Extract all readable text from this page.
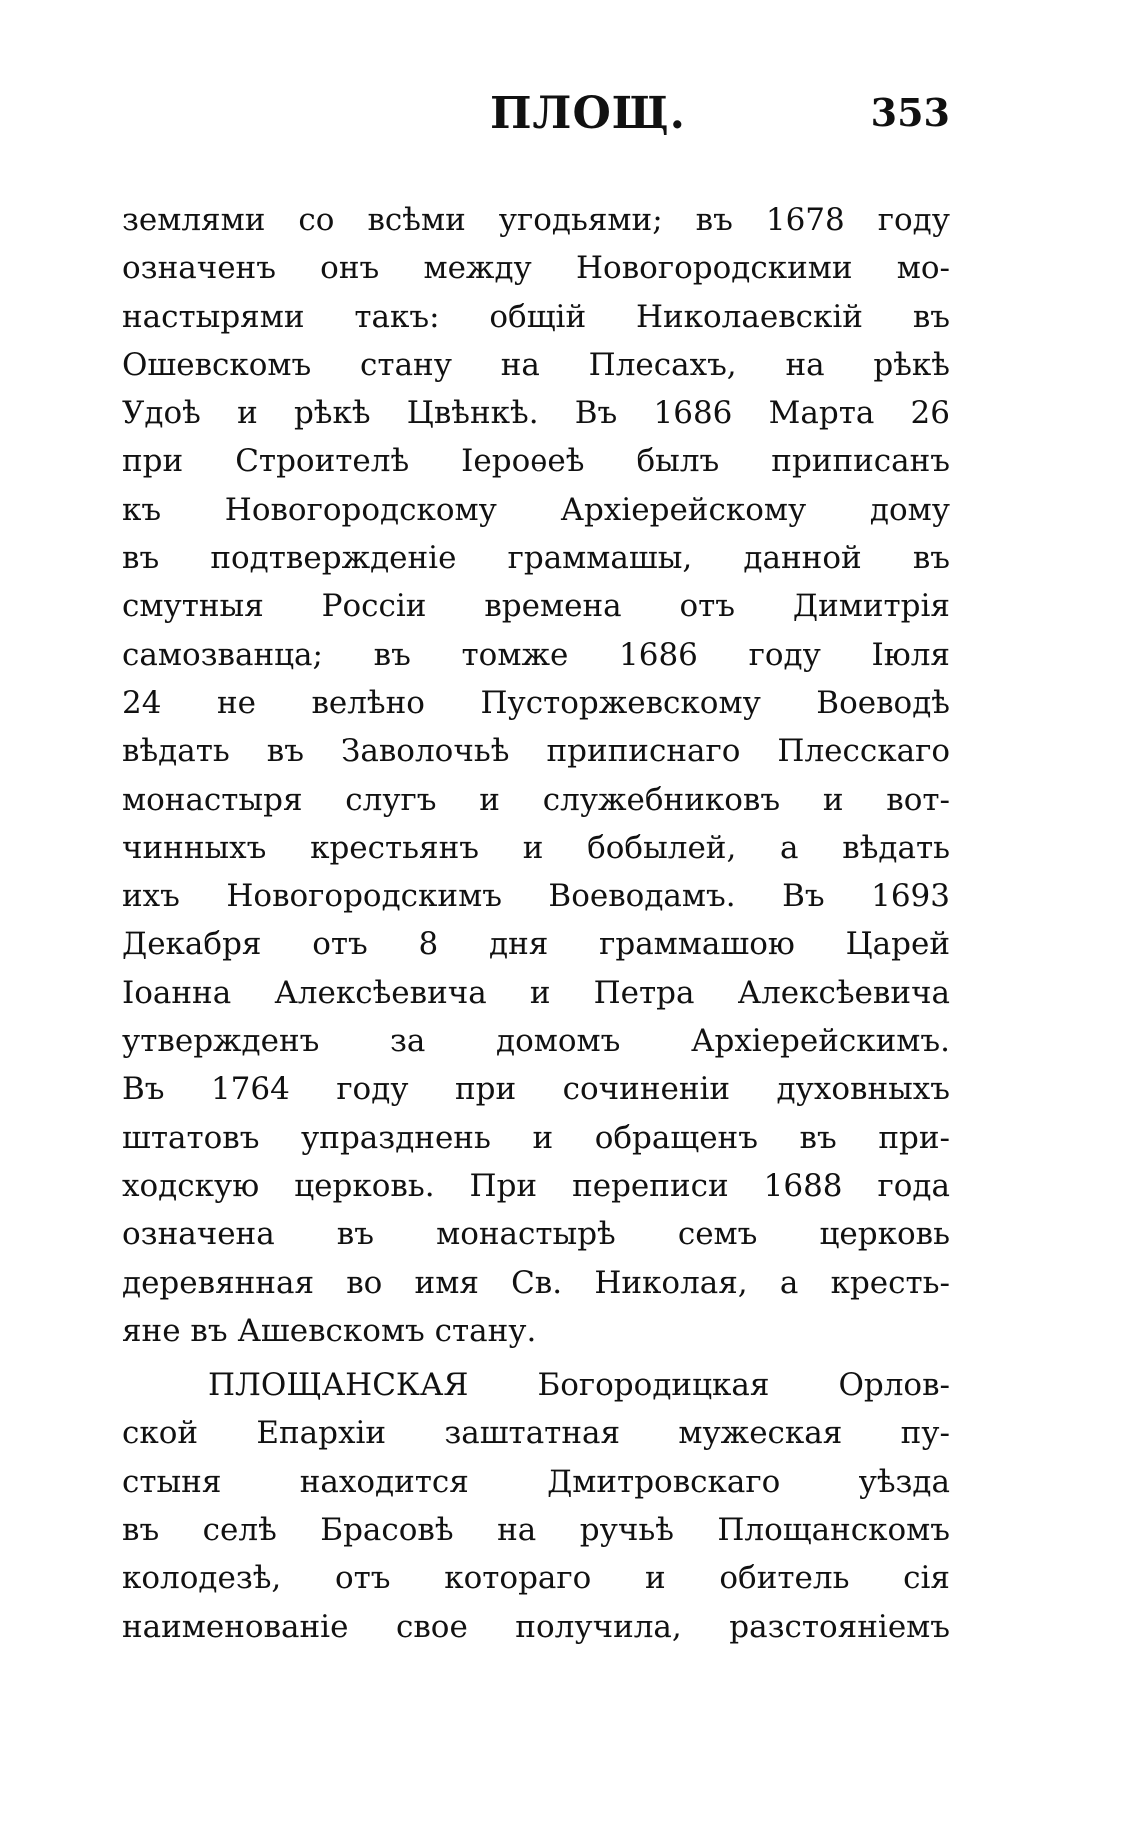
ПЛОЩ.	353
землями со всѣми угодьями; въ 1678 году
означенъ онъ между Новогородскими мо-
настырями такъ: общій Николаевскій въ
Ошевскомъ стану на Плесахъ, на рѣкѣ
Удоѣ и рѣкѣ Цвѣнкѣ. Въ 1686 Марта 26
при Строителѣ Іероѳеѣ былъ приписанъ
къ Новогородскому Архіерейскому дому
въ подтвержденіе граммашы, данной въ
смутныя Россіи времена отъ Димитрія
самозванца; въ томже 1686 году Іюля
24 не велѣно Пусторжевскому Воеводѣ
вѣдать въ Заволочьѣ приписнаго Плесскаго
монастыря слугъ и служебниковъ и вот-
чинныхъ крестьянъ и бобылей, а вѣдать
ихъ Новогородскимъ Воеводамъ. Въ 1693
Декабря отъ 8 дня граммашою Царей
Іоанна Алексѣевича и Петра Алексѣевича
утвержденъ за домомъ Архіерейскимъ.
Въ 1764 году при сочиненіи духовныхъ
штатовъ упразднень и обращенъ въ при-
ходскую церковь. При переписи 1688 года
означена въ монастырѣ семъ церковь
деревянная во имя Св. Николая, а кресть-
яне въ Ашевскомъ стану.
ПЛОЩАНСКАЯ Богородицкая Орлов-
ской Епархіи заштатная мужеская пу-
стыня находится Дмитровскаго уѣзда
въ селѣ Брасовѣ на ручьѣ Площанскомъ
колодезѣ, отъ котораго и обитель сія
наименованіе свое получила, разстояніемъ
